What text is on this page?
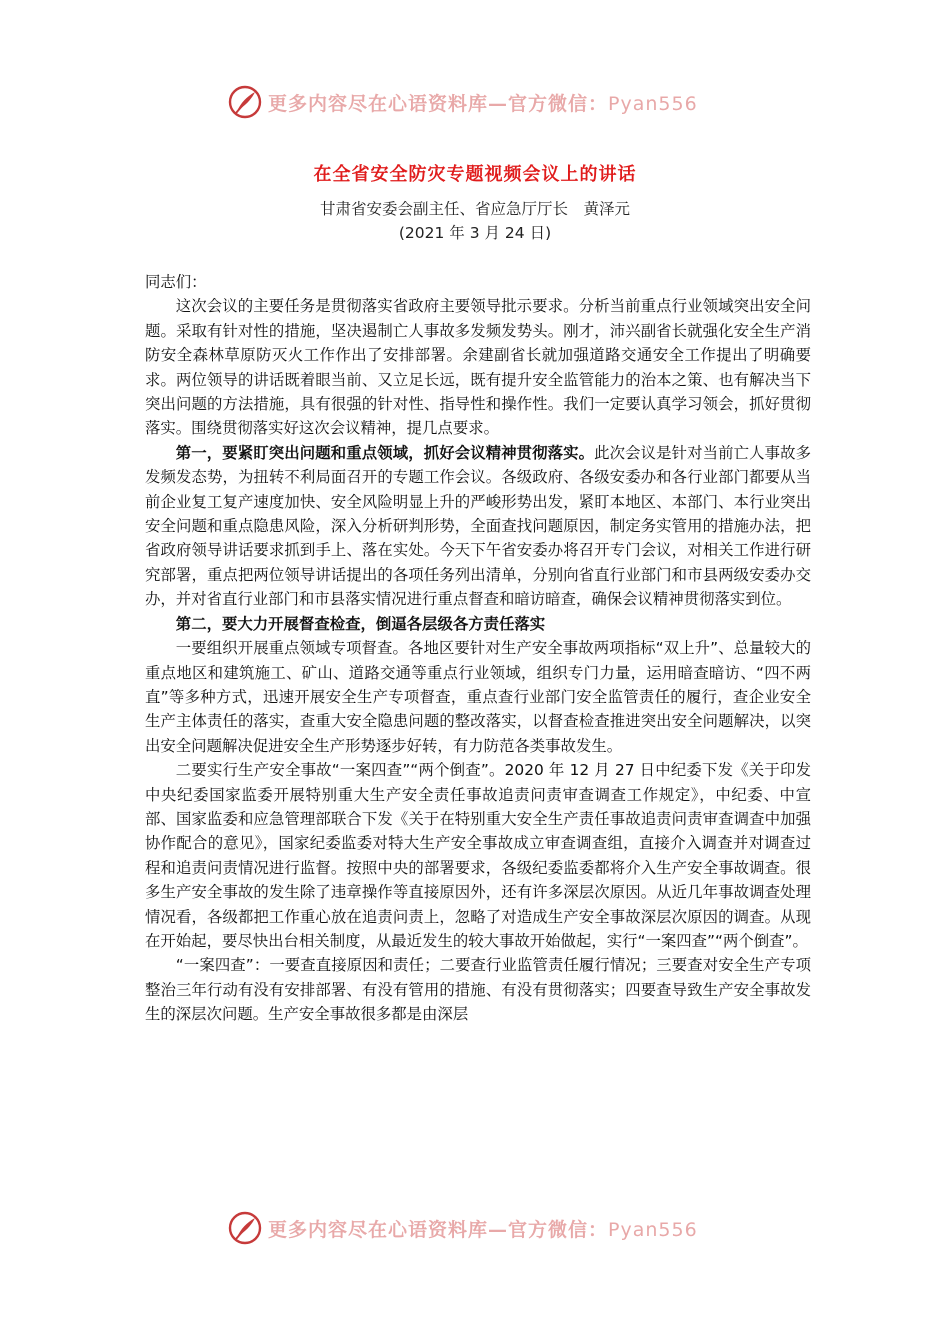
更多内容尽在心语资料库—官方微信：Pyan556
在全省安全防灾专题视频会议上的讲话
甘肃省安委会副主任、省应急厅厅长　黄泽元
(2021 年 3 月 24 日)

同志们：

这次会议的主要任务是贯彻落实省政府主要领导批示要求。分析当前重点行业领域突出安全问题。采取有针对性的措施，坚决遏制亡人事故多发频发势头。刚才，沛兴副省长就强化安全生产消防安全森林草原防灭火工作作出了安排部署。余建副省长就加强道路交通安全工作提出了明确要求。两位领导的讲话既着眼当前、又立足长远，既有提升安全监管能力的治本之策、也有解决当下突出问题的方法措施，具有很强的针对性、指导性和操作性。我们一定要认真学习领会，抓好贯彻落实。围绕贯彻落实好这次会议精神，提几点要求。

第一，要紧盯突出问题和重点领域，抓好会议精神贯彻落实。此次会议是针对当前亡人事故多发频发态势，为扭转不利局面召开的专题工作会议。各级政府、各级安委办和各行业部门都要从当前企业复工复产速度加快、安全风险明显上升的严峻形势出发，紧盯本地区、本部门、本行业突出安全问题和重点隐患风险，深入分析研判形势，全面查找问题原因，制定务实管用的措施办法，把省政府领导讲话要求抓到手上、落在实处。今天下午省安委办将召开专门会议，对相关工作进行研究部署，重点把两位领导讲话提出的各项任务列出清单，分别向省直行业部门和市县两级安委办交办，并对省直行业部门和市县落实情况进行重点督查和暗访暗查，确保会议精神贯彻落实到位。

第二，要大力开展督查检查，倒逼各层级各方责任落实

一要组织开展重点领域专项督查。各地区要针对生产安全事故两项指标“双上升”、总量较大的重点地区和建筑施工、矿山、道路交通等重点行业领域，组织专门力量，运用暗查暗访、“四不两直”等多种方式，迅速开展安全生产专项督查，重点查行业部门安全监管责任的履行，查企业安全生产主体责任的落实，查重大安全隐患问题的整改落实，以督查检查推进突出安全问题解决，以突出安全问题解决促进安全生产形势逐步好转，有力防范各类事故发生。

二要实行生产安全事故“一案四查”“两个倒查”。2020 年 12 月 27 日中纪委下发《关于印发中央纪委国家监委开展特别重大生产安全责任事故追责问责审查调查工作规定》，中纪委、中宣部、国家监委和应急管理部联合下发《关于在特别重大安全生产责任事故追责问责审查调查中加强协作配合的意见》，国家纪委监委对特大生产安全事故成立审查调查组，直接介入调查并对调查过程和追责问责情况进行监督。按照中央的部署要求，各级纪委监委都将介入生产安全事故调查。很多生产安全事故的发生除了违章操作等直接原因外，还有许多深层次原因。从近几年事故调查处理情况看，各级都把工作重心放在追责问责上，忽略了对造成生产安全事故深层次原因的调查。从现在开始起，要尽快出台相关制度，从最近发生的较大事故开始做起，实行“一案四查”“两个倒查”。

“一案四查”：一要查直接原因和责任；二要查行业监管责任履行情况；三要查对安全生产专项整治三年行动有没有安排部署、有没有管用的措施、有没有贯彻落实；四要查导致生产安全事故发生的深层次问题。生产安全事故很多都是由深层

更多内容尽在心语资料库—官方微信：Pyan556
